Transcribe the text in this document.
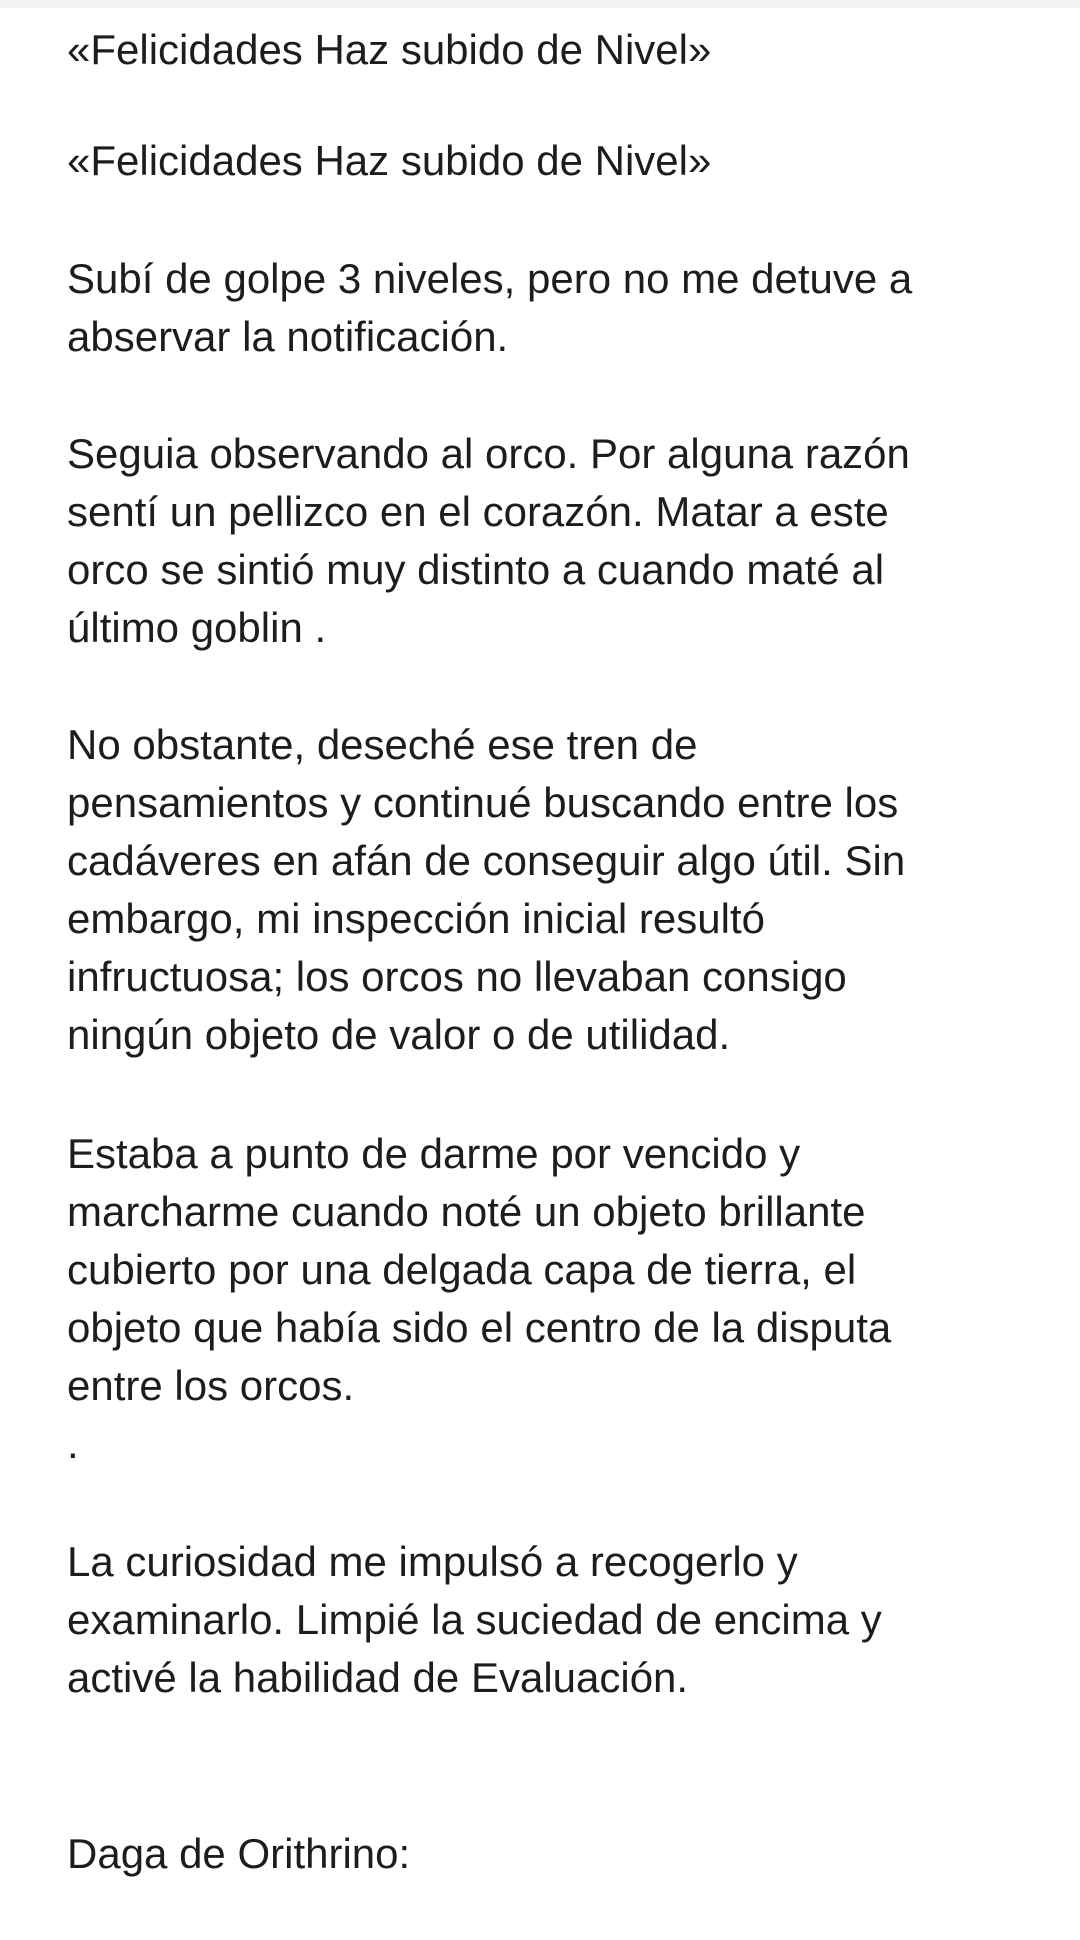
«Felicidades Haz subido de Nivel»

«Felicidades Haz subido de Nivel»

Subí de golpe 3 niveles, pero no me detuve a
abservar la notificación.

Seguia observando al orco. Por alguna razón
sentí un pellizco en el corazón. Matar a este
orco se sintió muy distinto a cuando maté al
último goblin .

No obstante, deseché ese tren de
pensamientos y continué buscando entre los
cadáveres en afán de conseguir algo útil. Sin
embargo, mi inspección inicial resultó
infructuosa; los orcos no llevaban consigo
ningún objeto de valor o de utilidad.

Estaba a punto de darme por vencido y
marcharme cuando noté un objeto brillante
cubierto por una delgada capa de tierra, el
objeto que había sido el centro de la disputa
entre los orcos.
.

La curiosidad me impulsó a recogerlo y
examinarlo. Limpié la suciedad de encima y
activé la habilidad de Evaluación.

Daga de Orithrino:
